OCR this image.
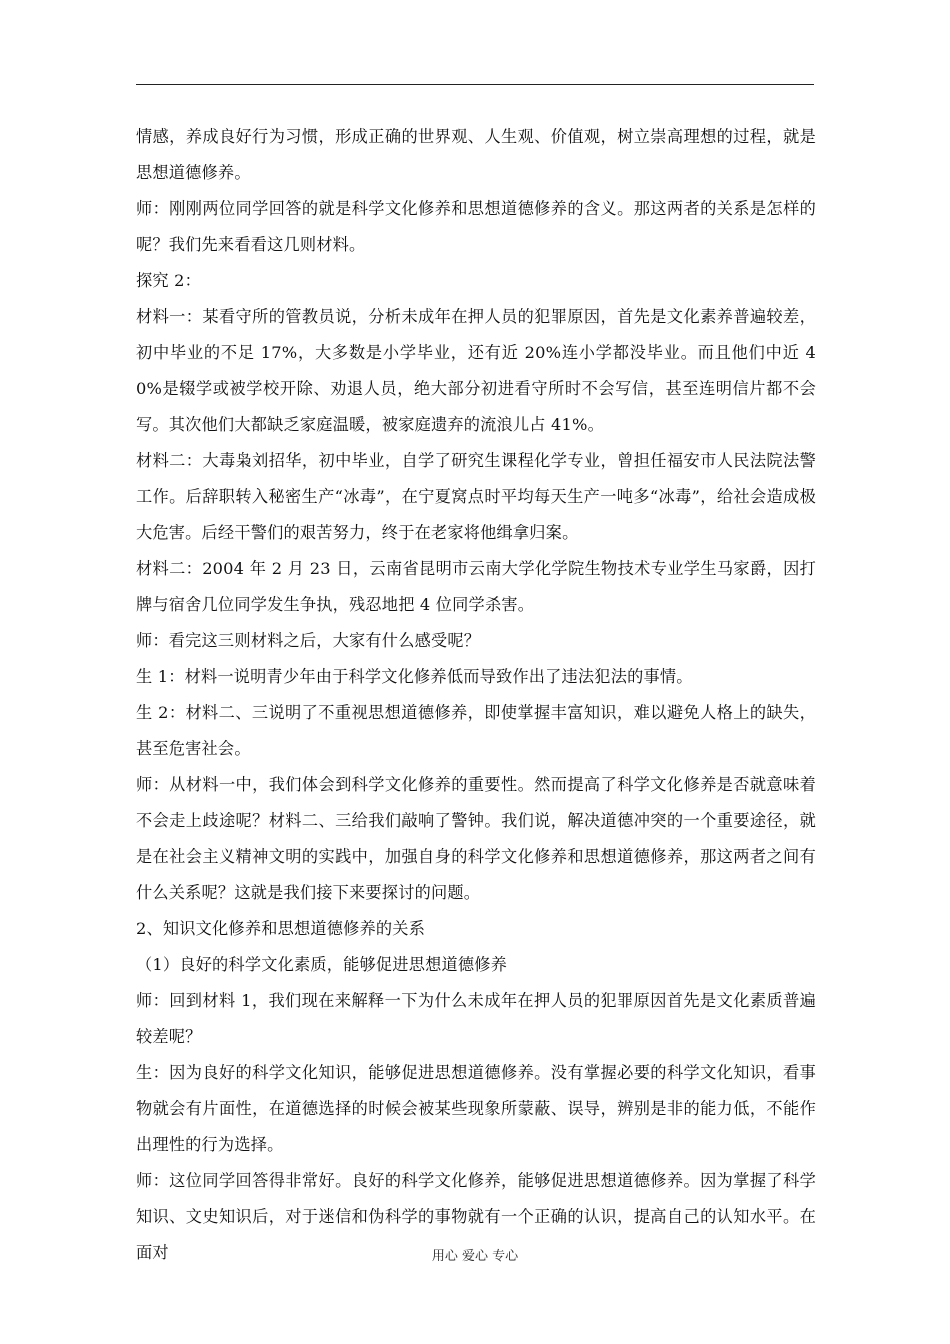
情感，养成良好行为习惯，形成正确的世界观、人生观、价值观，树立崇高理想的过程，就是思想道德修养。

师：刚刚两位同学回答的就是科学文化修养和思想道德修养的含义。那这两者的关系是怎样的呢？我们先来看看这几则材料。

探究 2：

材料一：某看守所的管教员说，分析未成年在押人员的犯罪原因，首先是文化素养普遍较差，初中毕业的不足 17%，大多数是小学毕业，还有近 20%连小学都没毕业。而且他们中近 40%是辍学或被学校开除、劝退人员，绝大部分初进看守所时不会写信，甚至连明信片都不会写。其次他们大都缺乏家庭温暖，被家庭遗弃的流浪儿占 41%。

材料二：大毒枭刘招华，初中毕业，自学了研究生课程化学专业，曾担任福安市人民法院法警工作。后辞职转入秘密生产“冰毒”，在宁夏窝点时平均每天生产一吨多“冰毒”，给社会造成极大危害。后经干警们的艰苦努力，终于在老家将他缉拿归案。

材料二：2004 年 2 月 23 日，云南省昆明市云南大学化学院生物技术专业学生马家爵，因打牌与宿舍几位同学发生争执，残忍地把 4 位同学杀害。

师：看完这三则材料之后，大家有什么感受呢？

生 1：材料一说明青少年由于科学文化修养低而导致作出了违法犯法的事情。

生 2：材料二、三说明了不重视思想道德修养，即使掌握丰富知识，难以避免人格上的缺失，甚至危害社会。

师：从材料一中，我们体会到科学文化修养的重要性。然而提高了科学文化修养是否就意味着不会走上歧途呢？材料二、三给我们敲响了警钟。我们说，解决道德冲突的一个重要途径，就是在社会主义精神文明的实践中，加强自身的科学文化修养和思想道德修养，那这两者之间有什么关系呢？这就是我们接下来要探讨的问题。

2、知识文化修养和思想道德修养的关系

（1）良好的科学文化素质，能够促进思想道德修养

师：回到材料 1，我们现在来解释一下为什么未成年在押人员的犯罪原因首先是文化素质普遍较差呢？

生：因为良好的科学文化知识，能够促进思想道德修养。没有掌握必要的科学文化知识，看事物就会有片面性，在道德选择的时候会被某些现象所蒙蔽、误导，辨别是非的能力低，不能作出理性的行为选择。

师：这位同学回答得非常好。良好的科学文化修养，能够促进思想道德修养。因为掌握了科学知识、文史知识后，对于迷信和伪科学的事物就有一个正确的认识，提高自己的认知水平。在面对	用心 爱心 专心
